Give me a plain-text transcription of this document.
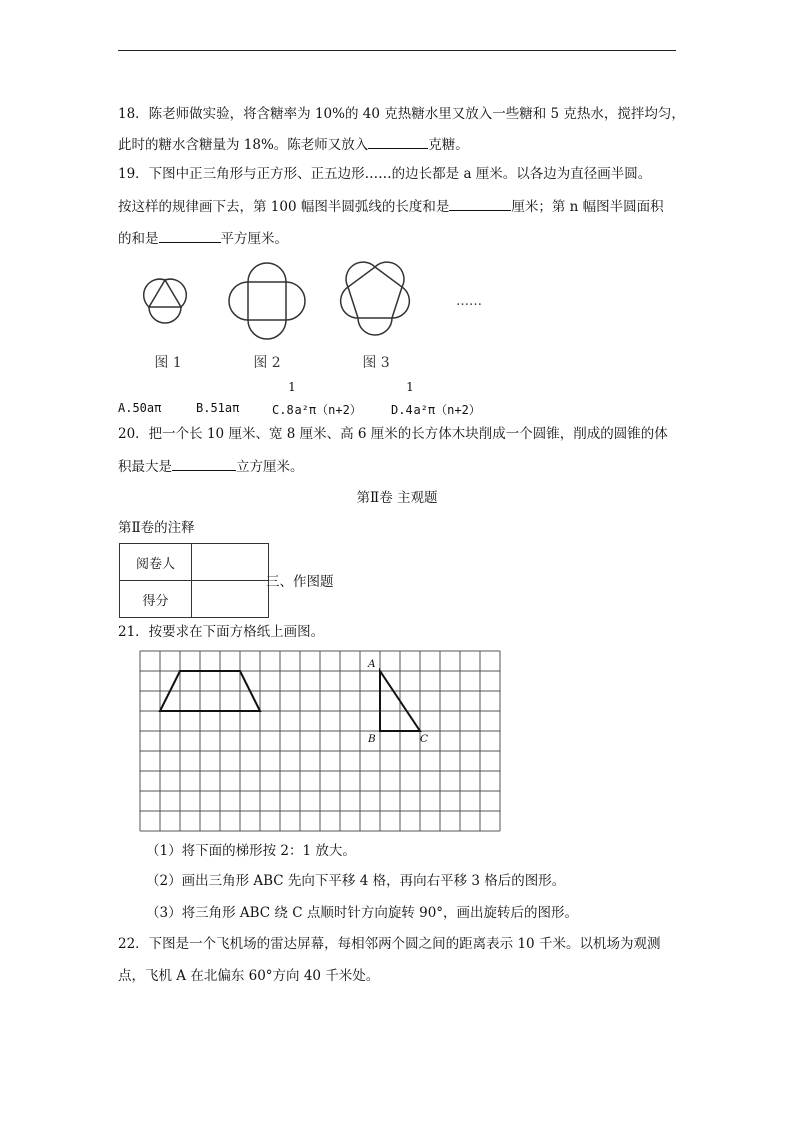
18．陈老师做实验，将含糖率为 10%的 40 克热糖水里又放入一些糖和 5 克热水，搅拌均匀，
此时的糖水含糖量为 18%。陈老师又放入	克糖。
19．下图中正三角形与正方形、正五边形……的边长都是 a 厘米。以各边为直径画半圆。
按这样的规律画下去，第 100 幅图半圆弧线的长度和是	厘米；第 n 幅图半圆面积
的和是	平方厘米。
……
图 1	图 2	图 3
A.50aπ	B.51aπ	C.8a²π（n+2）
1
D.4a²π（n+2）
1
20．把一个长 10 厘米、宽 8 厘米、高 6 厘米的长方体木块削成一个圆锥，削成的圆锥的体
积最大是	立方厘米。
第Ⅱ卷 主观题
第Ⅱ卷的注释
阅卷人	
得分	
三、作图题
21．按要求在下面方格纸上画图。
A
B	C
（1）将下面的梯形按 2：1 放大。
（2）画出三角形 ABC 先向下平移 4 格，再向右平移 3 格后的图形。
（3）将三角形 ABC 绕 C 点顺时针方向旋转 90°，画出旋转后的图形。
22．下图是一个飞机场的雷达屏幕，每相邻两个圆之间的距离表示 10 千米。以机场为观测
点，飞机 A 在北偏东 60°方向 40 千米处。
